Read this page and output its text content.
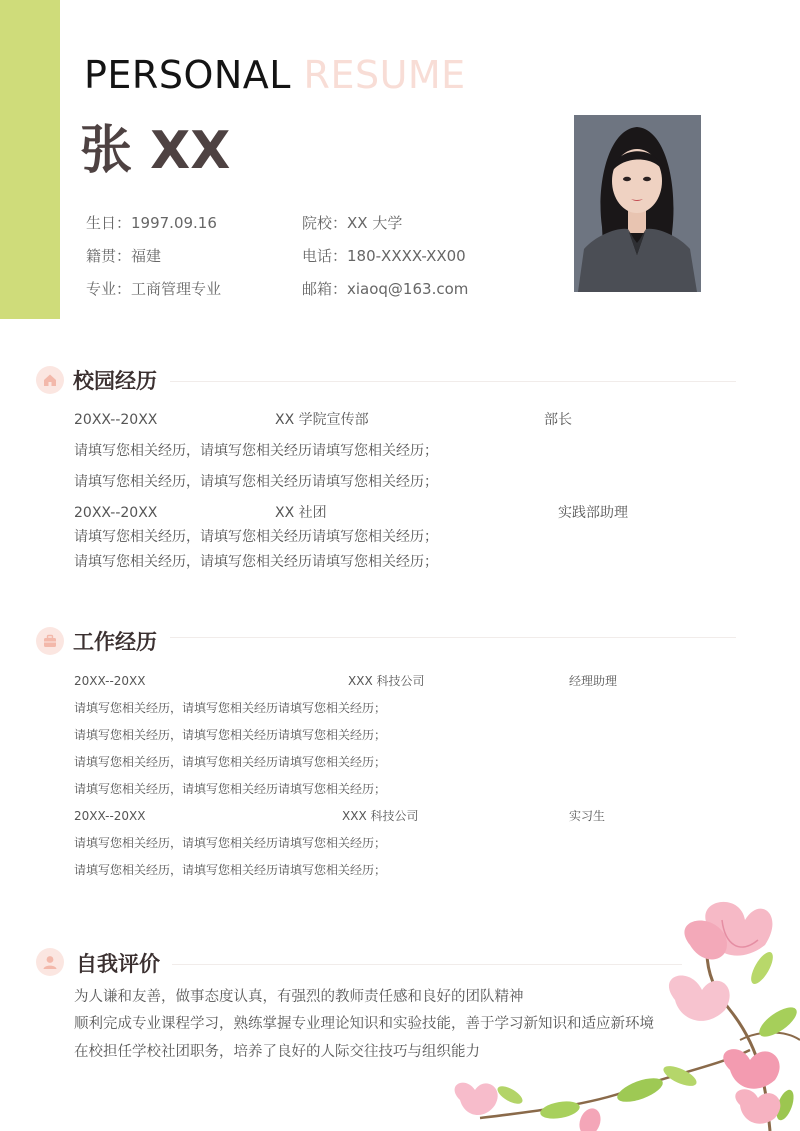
PERSONAL RESUME
张 XX
生日：1997.09.16	院校：XX 大学
籍贯：福建	电话：180-XXXX-XX00
专业：工商管理专业	邮箱：xiaoq@163.com
校园经历
20XX--20XX	XX 学院宣传部	部长
请填写您相关经历，请填写您相关经历请填写您相关经历；
请填写您相关经历，请填写您相关经历请填写您相关经历；
20XX--20XX	XX 社团	实践部助理
请填写您相关经历，请填写您相关经历请填写您相关经历；
请填写您相关经历，请填写您相关经历请填写您相关经历；
工作经历
20XX--20XX	XXX 科技公司	经理助理
请填写您相关经历，请填写您相关经历请填写您相关经历；
请填写您相关经历，请填写您相关经历请填写您相关经历；
请填写您相关经历，请填写您相关经历请填写您相关经历；
请填写您相关经历，请填写您相关经历请填写您相关经历；
20XX--20XX	XXX 科技公司	实习生
请填写您相关经历，请填写您相关经历请填写您相关经历；
请填写您相关经历，请填写您相关经历请填写您相关经历；
自我评价
为人谦和友善，做事态度认真，有强烈的教师责任感和良好的团队精神
顺利完成专业课程学习，熟练掌握专业理论知识和实验技能，善于学习新知识和适应新环境
在校担任学校社团职务，培养了良好的人际交往技巧与组织能力
